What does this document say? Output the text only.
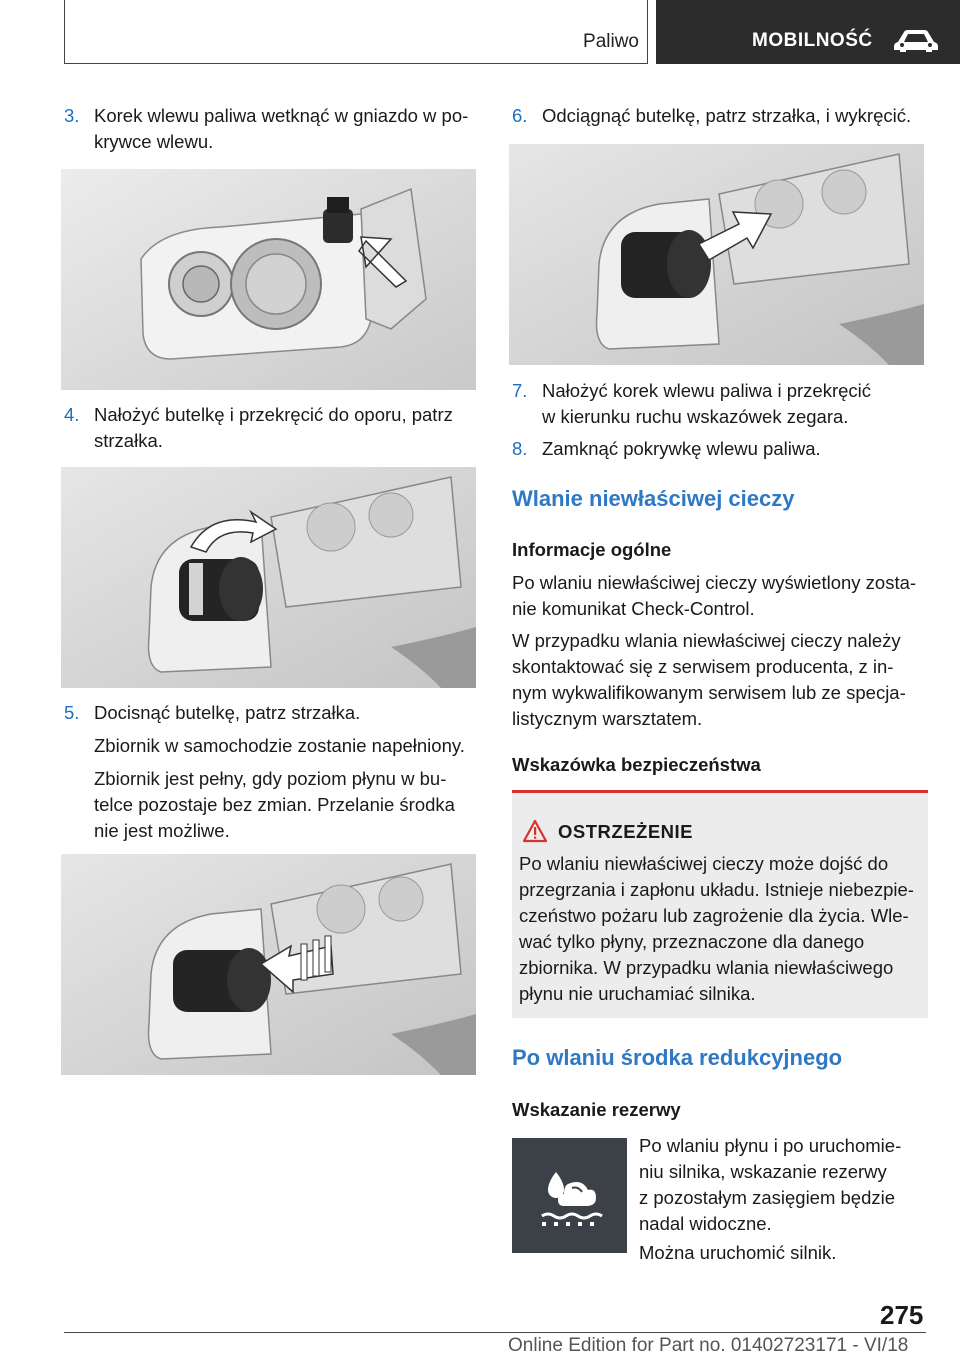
Paliwo	MOBILNOŚĆ
3. Korek wlewu paliwa wetknąć w gniazdo w po‐
krywce wlewu.
4. Nałożyć butelkę i przekręcić do oporu, patrz
strzałka.
5. Docisnąć butelkę, patrz strzałka.
Zbiornik w samochodzie zostanie napełniony.
Zbiornik jest pełny, gdy poziom płynu w bu‐
telce pozostaje bez zmian. Przelanie środka
nie jest możliwe.
6. Odciągnąć butelkę, patrz strzałka, i wykręcić.
7. Nałożyć korek wlewu paliwa i przekręcić
w kierunku ruchu wskazówek zegara.
8. Zamknąć pokrywkę wlewu paliwa.
Wlanie niewłaściwej cieczy
Informacje ogólne
Po wlaniu niewłaściwej cieczy wyświetlony zosta‐
nie komunikat Check-Control.
W przypadku wlania niewłaściwej cieczy należy
skontaktować się z serwisem producenta, z in‐
nym wykwalifikowanym serwisem lub ze specja‐
listycznym warsztatem.
Wskazówka bezpieczeństwa
OSTRZEŻENIE
Po wlaniu niewłaściwej cieczy może dojść do
przegrzania i zapłonu układu. Istnieje niebezpie‐
czeństwo pożaru lub zagrożenie dla życia. Wle‐
wać tylko płyny, przeznaczone dla danego
zbiornika. W przypadku wlania niewłaściwego
płynu nie uruchamiać silnika.
Po wlaniu środka redukcyjnego
Wskazanie rezerwy
Po wlaniu płynu i po uruchomie‐
niu silnika, wskazanie rezerwy
z pozostałym zasięgiem będzie
nadal widoczne.
Można uruchomić silnik.
275
Online Edition for Part no. 01402723171 - VI/18
